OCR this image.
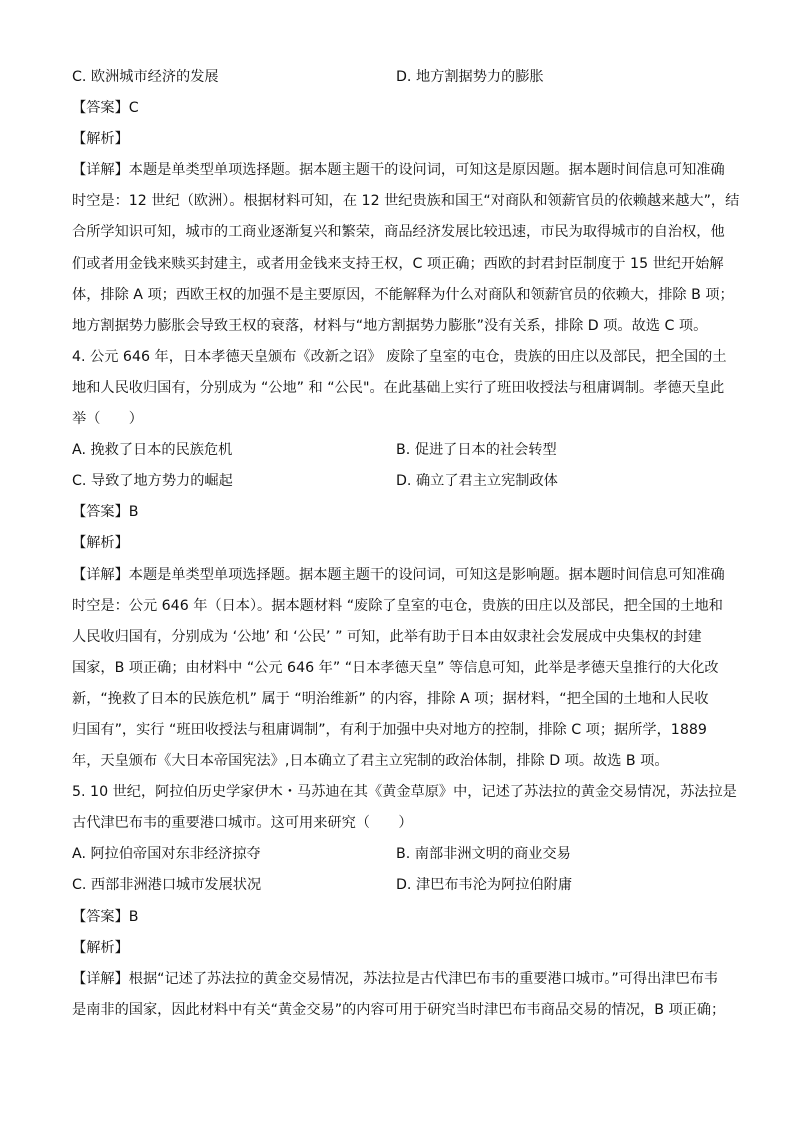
C. 欧洲城市经济的发展	D. 地方割据势力的膨胀
【答案】C
【解析】
【详解】本题是单类型单项选择题。据本题主题干的设问词，可知这是原因题。据本题时间信息可知准确
时空是：12 世纪（欧洲）。根据材料可知，在 12 世纪贵族和国王“对商队和领薪官员的依赖越来越大”，结
合所学知识可知，城市的工商业逐渐复兴和繁荣，商品经济发展比较迅速，市民为取得城市的自治权，他
们或者用金钱来赎买封建主，或者用金钱来支持王权，C 项正确；西欧的封君封臣制度于 15 世纪开始解
体，排除 A 项；西欧王权的加强不是主要原因，不能解释为什么对商队和领薪官员的依赖大，排除 B 项；
地方割据势力膨胀会导致王权的衰落，材料与“地方割据势力膨胀”没有关系，排除 D 项。故选 C 项。
4. 公元 646 年，日本孝德天皇颁布《改新之诏》 废除了皇室的屯仓，贵族的田庄以及部民，把全国的土
地和人民收归国有，分别成为 “公地” 和 “公民"。在此基础上实行了班田收授法与租庸调制。孝德天皇此
举（　　）
A. 挽救了日本的民族危机	B. 促进了日本的社会转型
C. 导致了地方势力的崛起	D. 确立了君主立宪制政体
【答案】B
【解析】
【详解】本题是单类型单项选择题。据本题主题干的设问词，可知这是影响题。据本题时间信息可知准确
时空是：公元 646 年（日本）。据本题材料 “废除了皇室的屯仓，贵族的田庄以及部民，把全国的土地和
人民收归国有，分别成为 ‘公地’ 和 ‘公民’ ” 可知，此举有助于日本由奴隶社会发展成中央集权的封建
国家，B 项正确；由材料中 “公元 646 年” “日本孝德天皇” 等信息可知，此举是孝德天皇推行的大化改
新，“挽救了日本的民族危机” 属于 “明治维新” 的内容，排除 A 项；据材料，“把全国的土地和人民收
归国有”，实行 “班田收授法与租庸调制”，有利于加强中央对地方的控制，排除 C 项；据所学，1889
年，天皇颁布《大日本帝国宪法》,日本确立了君主立宪制的政治体制，排除 D 项。故选 B 项。
5. 10 世纪，阿拉伯历史学家伊木・马苏迪在其《黄金草原》中，记述了苏法拉的黄金交易情况，苏法拉是
古代津巴布韦的重要港口城市。这可用来研究（　　）
A. 阿拉伯帝国对东非经济掠夺	B. 南部非洲文明的商业交易
C. 西部非洲港口城市发展状况	D. 津巴布韦沦为阿拉伯附庸
【答案】B
【解析】
【详解】根据“记述了苏法拉的黄金交易情况，苏法拉是古代津巴布韦的重要港口城市。”可得出津巴布韦
是南非的国家，因此材料中有关“黄金交易”的内容可用于研究当时津巴布韦商品交易的情况，B 项正确；
